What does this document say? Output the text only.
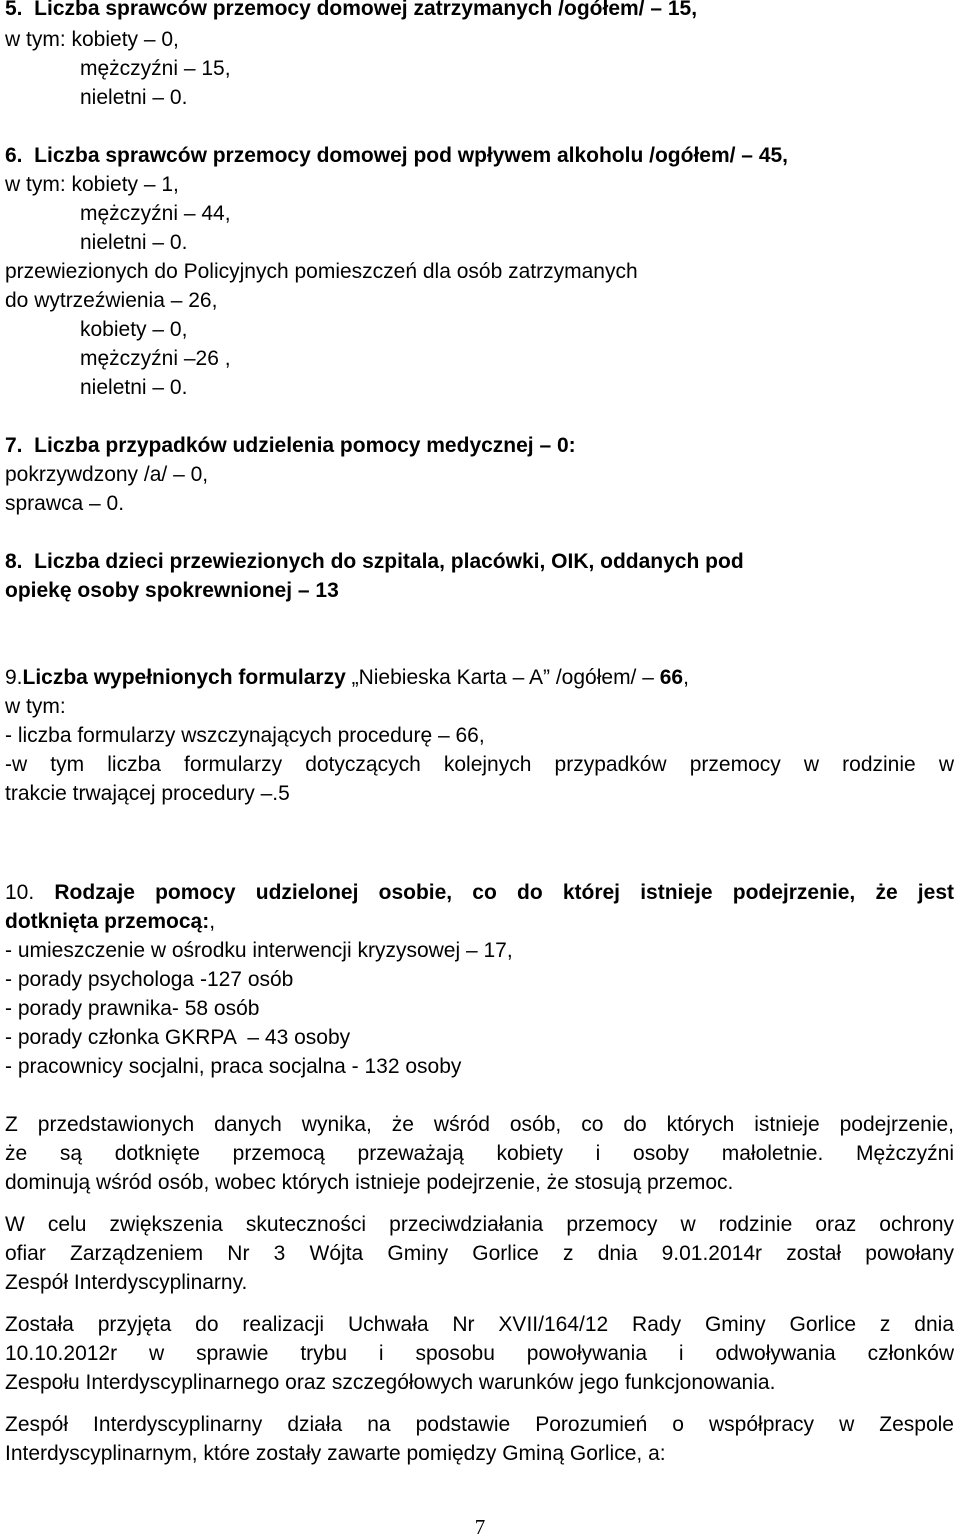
5.  Liczba sprawców przemocy domowej zatrzymanych /ogółem/ – 15,
w tym: kobiety – 0,
mężczyźni – 15,
nieletni – 0.
6.  Liczba sprawców przemocy domowej pod wpływem alkoholu /ogółem/ – 45,
w tym: kobiety – 1,
mężczyźni – 44,
nieletni – 0.
przewiezionych do Policyjnych pomieszczeń dla osób zatrzymanych
do wytrzeźwienia – 26,
kobiety – 0,
mężczyźni –26 ,
nieletni – 0.
7.  Liczba przypadków udzielenia pomocy medycznej – 0:
pokrzywdzony /a/ – 0,
sprawca – 0.
8.  Liczba dzieci przewiezionych do szpitala, placówki, OIK, oddanych pod
opiekę osoby spokrewnionej – 13
9.Liczba wypełnionych formularzy „Niebieska Karta – A” /ogółem/ – 66,
w tym:
- liczba formularzy wszczynających procedurę – 66,
-w tym liczba formularzy dotyczących kolejnych przypadków przemocy w rodzinie w
trakcie trwającej procedury –.5
10. Rodzaje pomocy udzielonej osobie, co do której istnieje podejrzenie, że jest
dotknięta przemocą:,
- umieszczenie w ośrodku interwencji kryzysowej – 17,
- porady psychologa -127 osób
- porady prawnika- 58 osób
- porady członka GKRPA  – 43 osoby
- pracownicy socjalni, praca socjalna - 132 osoby
Z przedstawionych danych wynika, że wśród osób, co do których istnieje podejrzenie,
że są dotknięte przemocą przeważają kobiety i osoby małoletnie. Mężczyźni
dominują wśród osób, wobec których istnieje podejrzenie, że stosują przemoc.
W celu zwiększenia skuteczności przeciwdziałania przemocy w rodzinie oraz ochrony
ofiar Zarządzeniem Nr 3 Wójta Gminy Gorlice z dnia 9.01.2014r został powołany
Zespół Interdyscyplinarny.
Została przyjęta do realizacji Uchwała Nr XVII/164/12 Rady Gminy Gorlice z dnia
10.10.2012r w sprawie trybu i sposobu powoływania i odwoływania członków
Zespołu Interdyscyplinarnego oraz szczegółowych warunków jego funkcjonowania.
Zespół Interdyscyplinarny działa na podstawie Porozumień o współpracy w Zespole
Interdyscyplinarnym, które zostały zawarte pomiędzy Gminą Gorlice, a:
7
